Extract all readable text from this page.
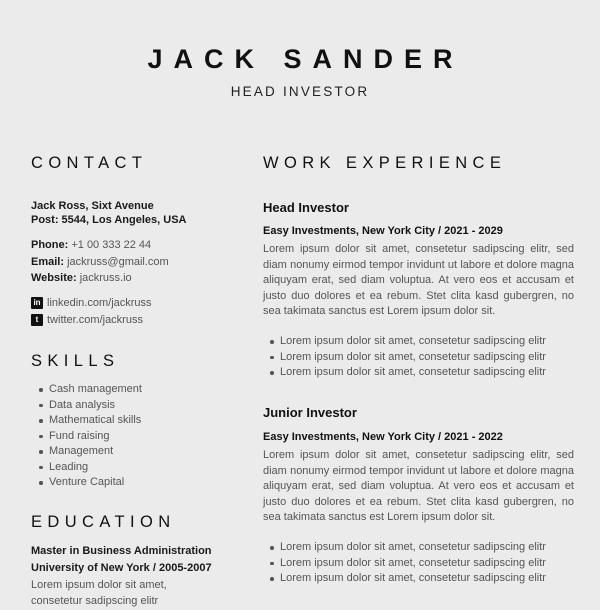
JACK SANDER
HEAD INVESTOR
CONTACT
Jack Ross, Sixt Avenue
Post: 5544, Los Angeles, USA
Phone: +1 00 333 22 44
Email: jackruss@gmail.com
Website: jackruss.io
in linkedin.com/jackruss
t twitter.com/jackruss
SKILLS
Cash management
Data analysis
Mathematical skills
Fund raising
Management
Leading
Venture Capital
EDUCATION
Master in Business Administration
University of New York / 2005-2007
Lorem ipsum dolor sit amet,
consetetur sadipscing elitr
WORK EXPERIENCE
Head Investor
Easy Investments, New York City / 2021 - 2029
Lorem ipsum dolor sit amet, consetetur sadipscing elitr, sed diam nonumy eirmod tempor invidunt ut labore et dolore magna aliquyam erat, sed diam voluptua. At vero eos et accusam et justo duo dolores et ea rebum. Stet clita kasd gubergren, no sea takimata sanctus est Lorem ipsum dolor sit.
Lorem ipsum dolor sit amet, consetetur sadipscing elitr
Lorem ipsum dolor sit amet, consetetur sadipscing elitr
Lorem ipsum dolor sit amet, consetetur sadipscing elitr
Junior Investor
Easy Investments, New York City / 2021 - 2022
Lorem ipsum dolor sit amet, consetetur sadipscing elitr, sed diam nonumy eirmod tempor invidunt ut labore et dolore magna aliquyam erat, sed diam voluptua. At vero eos et accusam et justo duo dolores et ea rebum. Stet clita kasd gubergren, no sea takimata sanctus est Lorem ipsum dolor sit.
Lorem ipsum dolor sit amet, consetetur sadipscing elitr
Lorem ipsum dolor sit amet, consetetur sadipscing elitr
Lorem ipsum dolor sit amet, consetetur sadipscing elitr
